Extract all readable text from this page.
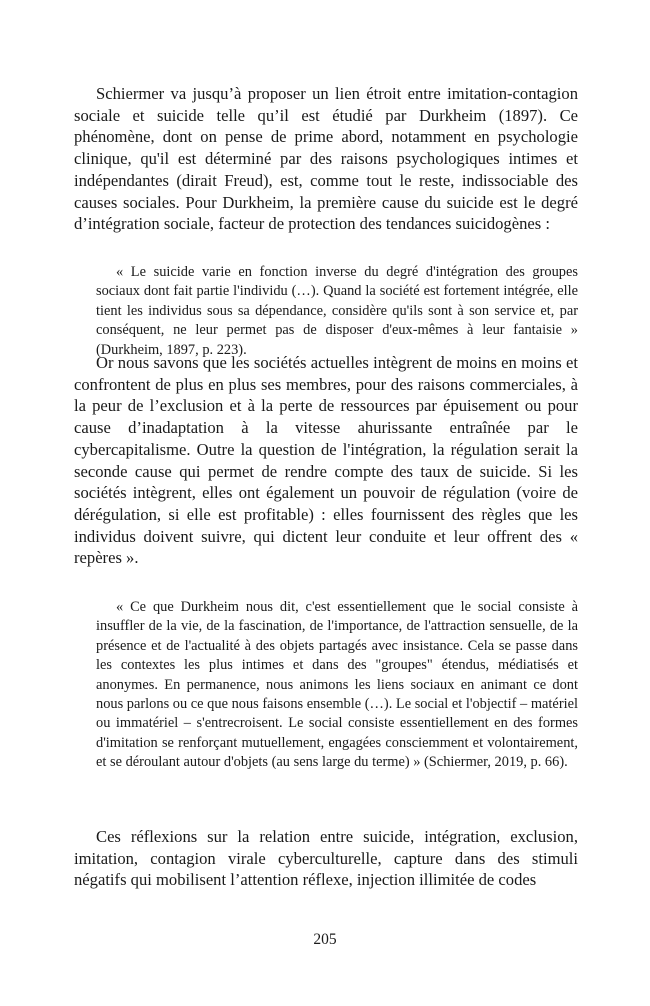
Schiermer va jusqu’à proposer un lien étroit entre imitation-contagion sociale et suicide telle qu’il est étudié par Durkheim (1897). Ce phénomène, dont on pense de prime abord, notamment en psychologie clinique, qu'il est déterminé par des raisons psychologiques intimes et indépendantes (dirait Freud), est, comme tout le reste, indissociable des causes sociales. Pour Durkheim, la première cause du suicide est le degré d’intégration sociale, facteur de protection des tendances suicidogènes :

« Le suicide varie en fonction inverse du degré d'intégration des groupes sociaux dont fait partie l'individu (…). Quand la société est fortement intégrée, elle tient les individus sous sa dépendance, considère qu'ils sont à son service et, par conséquent, ne leur permet pas de disposer d'eux-mêmes à leur fantaisie » (Durkheim, 1897, p. 223).

Or nous savons que les sociétés actuelles intègrent de moins en moins et confrontent de plus en plus ses membres, pour des raisons commerciales, à la peur de l’exclusion et à la perte de ressources par épuisement ou pour cause d’inadaptation à la vitesse ahurissante entraînée par le cybercapitalisme. Outre la question de l'intégration, la régulation serait la seconde cause qui permet de rendre compte des taux de suicide. Si les sociétés intègrent, elles ont également un pouvoir de régulation (voire de dérégulation, si elle est profitable) : elles fournissent des règles que les individus doivent suivre, qui dictent leur conduite et leur offrent des « repères ».

« Ce que Durkheim nous dit, c'est essentiellement que le social consiste à insuffler de la vie, de la fascination, de l'importance, de l'attraction sensuelle, de la présence et de l'actualité à des objets partagés avec insistance. Cela se passe dans les contextes les plus intimes et dans des "groupes" étendus, médiatisés et anonymes. En permanence, nous animons les liens sociaux en animant ce dont nous parlons ou ce que nous faisons ensemble (…). Le social et l'objectif – matériel ou immatériel – s'entrecroisent. Le social consiste essentiellement en des formes d'imitation se renforçant mutuellement, engagées consciemment et volontairement, et se déroulant autour d'objets (au sens large du terme) » (Schiermer, 2019, p. 66).

Ces réflexions sur la relation entre suicide, intégration, exclusion, imitation, contagion virale cyberculturelle, capture dans des stimuli négatifs qui mobilisent l’attention réflexe, injection illimitée de codes

205
